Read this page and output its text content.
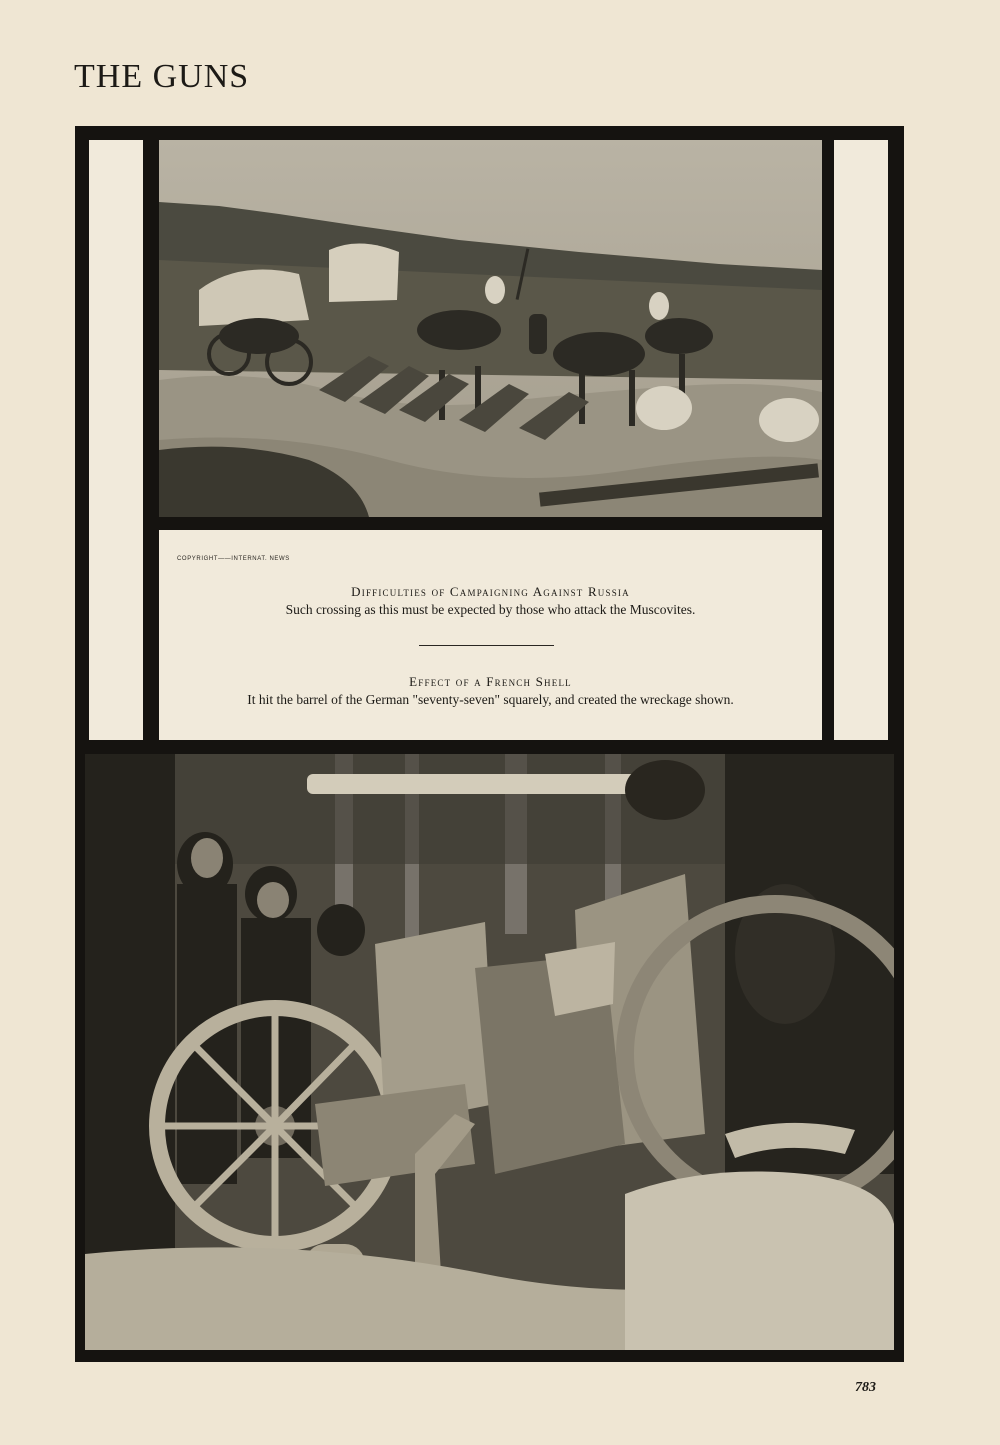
THE GUNS
COPYRIGHT——INTERNAT. NEWS
Difficulties of Campaigning Against Russia
Such crossing as this must be expected by those who attack the Muscovites.
Effect of a French Shell
It hit the barrel of the German "seventy-seven" squarely, and created the wreckage shown.
783
